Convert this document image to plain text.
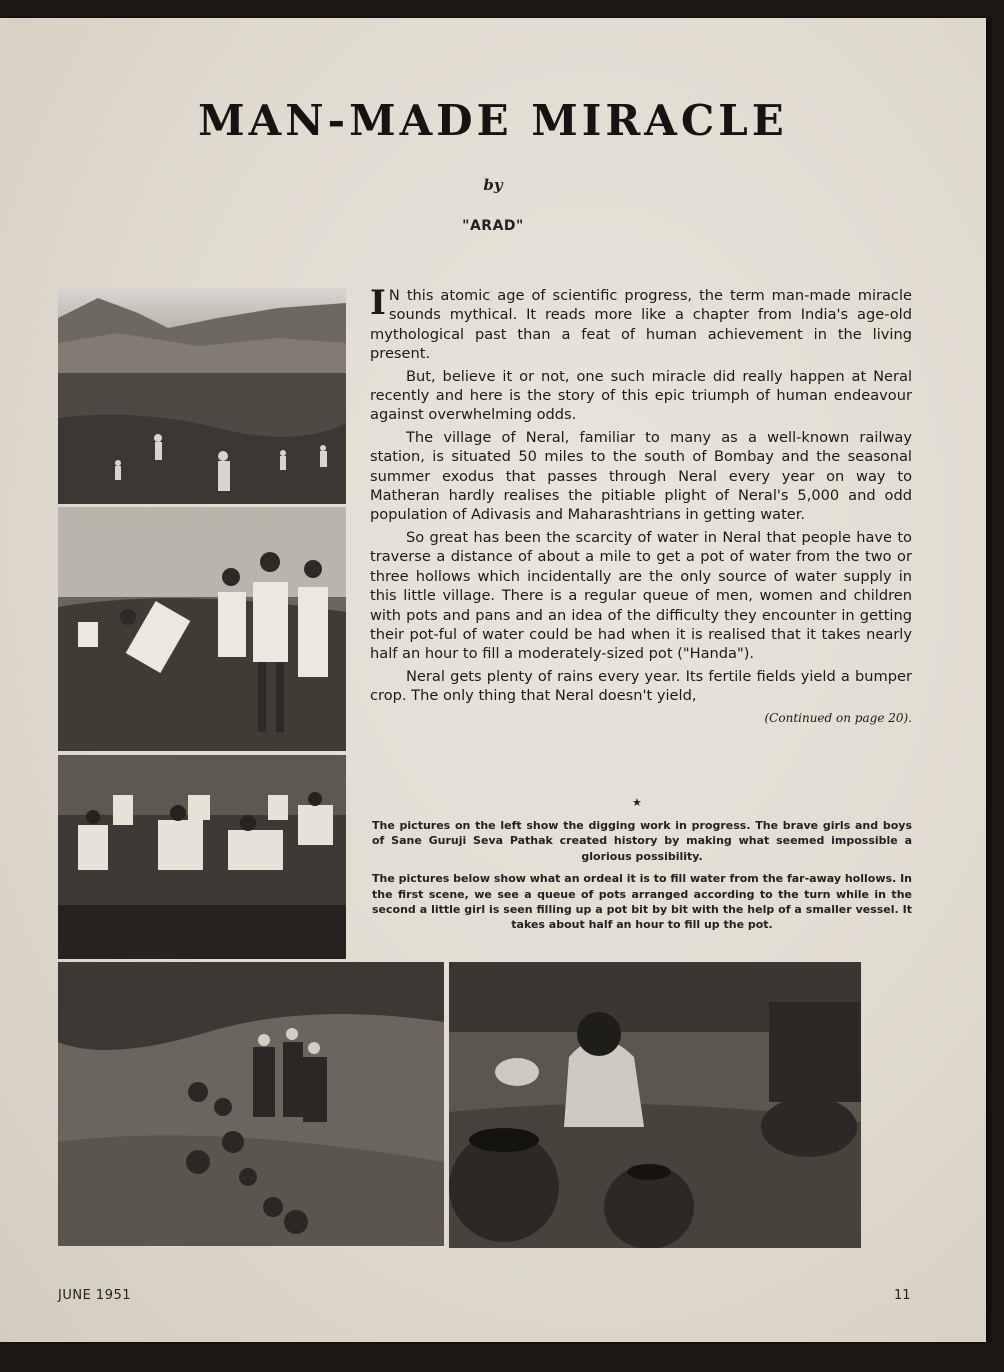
MAN-MADE MIRACLE
by
"ARAD"

I N this atomic age of scientific progress, the term man-made miracle sounds mythical. It reads more like a chapter from India's age-old mythological past than a feat of human achievement in the living present.

But, believe it or not, one such miracle did really happen at Neral recently and here is the story of this epic triumph of human endeavour against overwhelming odds.

The village of Neral, familiar to many as a well-known railway station, is situated 50 miles to the south of Bombay and the seasonal summer exodus that passes through Neral every year on way to Matheran hardly realises the pitiable plight of Neral's 5,000 and odd population of Adivasis and Maharashtrians in getting water.

So great has been the scarcity of water in Neral that people have to traverse a distance of about a mile to get a pot of water from the two or three hollows which incidentally are the only source of water supply in this little village. There is a regular queue of men, women and children with pots and pans and an idea of the difficulty they encounter in getting their pot-ful of water could be had when it is realised that it takes nearly half an hour to fill a moderately-sized pot ("Handa").

Neral gets plenty of rains every year. Its fertile fields yield a bumper crop. The only thing that Neral doesn't yield,

(Continued on page 20).
★

The pictures on the left show the digging work in progress. The brave girls and boys of Sane Guruji Seva Pathak created history by making what seemed impossible a glorious possibility.

The pictures below show what an ordeal it is to fill water from the far-away hollows. In the first scene, we see a queue of pots arranged according to the turn while in the second a little girl is seen filling up a pot bit by bit with the help of a smaller vessel. It takes about half an hour to fill up the pot.

JUNE 1951	11
